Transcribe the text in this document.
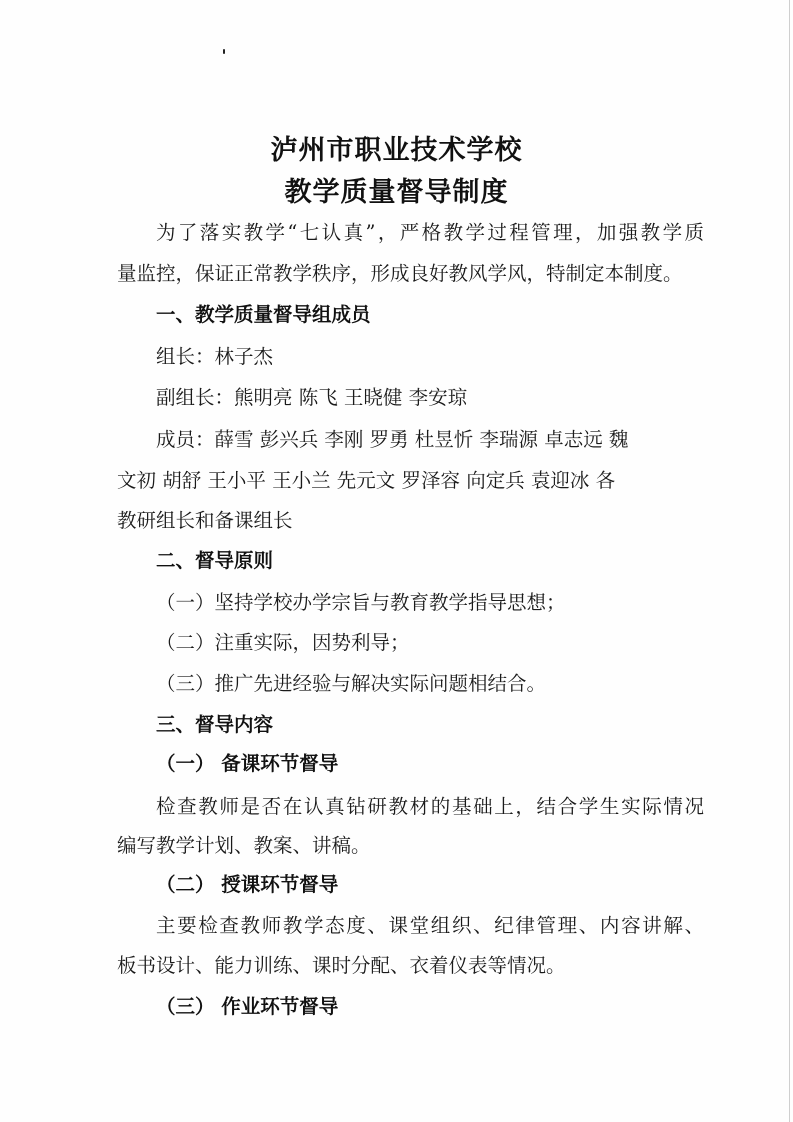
泸州市职业技术学校
教学质量督导制度
为了落实教学“七认真”，严格教学过程管理，加强教学质
量监控，保证正常教学秩序，形成良好教风学风，特制定本制度。
一、教学质量督导组成员
组长：林子杰
副组长：熊明亮 陈飞 王晓健 李安琼
成员：薛雪 彭兴兵 李刚 罗勇 杜昱忻 李瑞源 卓志远 魏
文初 胡舒 王小平 王小兰 先元文 罗泽容 向定兵 袁迎冰 各
教研组长和备课组长
二、督导原则
（一）坚持学校办学宗旨与教育教学指导思想；
（二）注重实际，因势利导；
（三）推广先进经验与解决实际问题相结合。
三、督导内容
（一） 备课环节督导
检查教师是否在认真钻研教材的基础上，结合学生实际情况
编写教学计划、教案、讲稿。
（二） 授课环节督导
主要检查教师教学态度、课堂组织、纪律管理、内容讲解、
板书设计、能力训练、课时分配、衣着仪表等情况。
（三） 作业环节督导
